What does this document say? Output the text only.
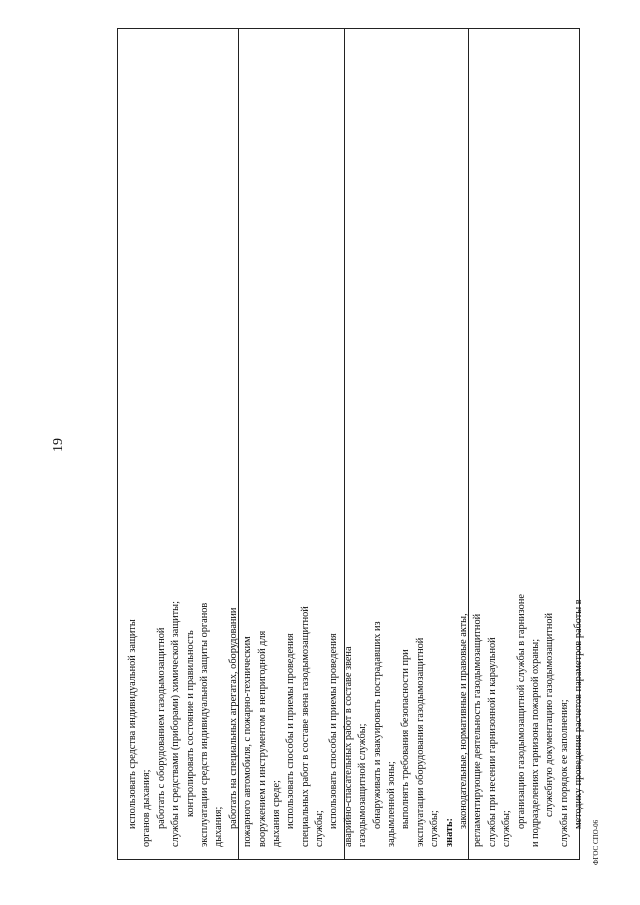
19
использовать средства индивидуальной защиты органов дыхания; работать с оборудованием газодымозащитной службы и средствами (приборами) химической защиты; контролировать состояние и правильность эксплуатации средств индивидуальной защиты органов дыхания; работать на специальных агрегатах, оборудовании пожарного автомобиля, с пожарно-техническим вооружением и инструментом в непригодной для дыхания среде; использовать способы и приемы проведения специальных работ в составе звена газодымозащитной службы; использовать способы и приемы проведения аварийно-спасательных работ в составе звена газодымозащитной службы; обнаруживать и эвакуировать пострадавших из задымленной зоны; выполнять требования безопасности при эксплуатации оборудования газодымозащитной службы; знать:
законодательные, нормативные и правовые акты, регламентирующие деятельность газодымозащитной службы при несении гарнизонной и караульной службы; организацию газодымозащитной службы в гарнизоне и подразделениях гарнизона пожарной охраны; служебную документацию газодымозащитной службы и порядок ее заполнения; методику проведения расчетов параметров работы в
ФГОС СПО-06
